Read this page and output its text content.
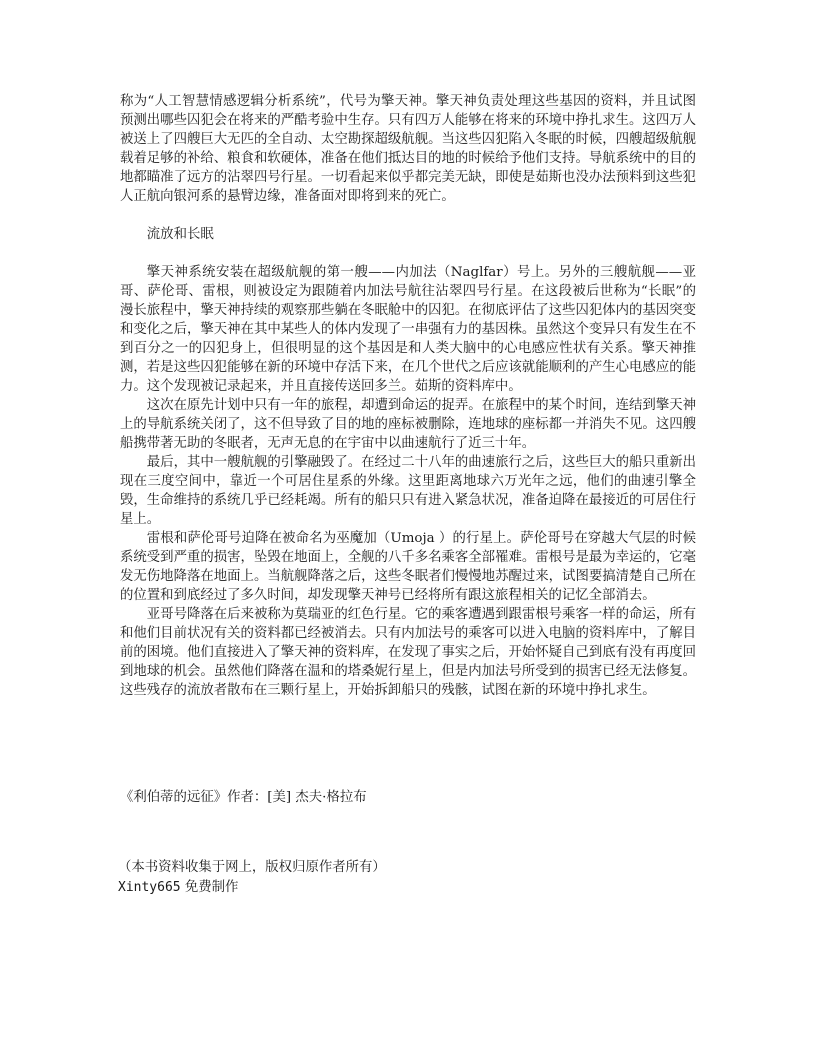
称为“人工智慧情感逻辑分析系统”，代号为擎天神。擎天神负责处理这些基因的资料，并且试图预测出哪些囚犯会在将来的严酷考验中生存。只有四万人能够在将来的环境中挣扎求生。这四万人被送上了四艘巨大无匹的全自动、太空勘探超级航舰。当这些囚犯陷入冬眠的时候，四艘超级航舰载着足够的补给、粮食和软硬体，准备在他们抵达目的地的时候给予他们支持。导航系统中的目的地都瞄准了远方的沾翠四号行星。一切看起来似乎都完美无缺，即使是茹斯也没办法预料到这些犯人正航向银河系的悬臂边缘，准备面对即将到来的死亡。

流放和长眠

擎天神系统安装在超级航舰的第一艘——内加法（Naglfar）号上。另外的三艘航舰——亚哥、萨伦哥、雷根，则被设定为跟随着内加法号航往沾翠四号行星。在这段被后世称为“长眠”的漫长旅程中，擎天神持续的观察那些躺在冬眠舱中的囚犯。在彻底评估了这些囚犯体内的基因突变和变化之后，擎天神在其中某些人的体内发现了一串强有力的基因株。虽然这个变异只有发生在不到百分之一的囚犯身上，但很明显的这个基因是和人类大脑中的心电感应性状有关系。擎天神推测，若是这些囚犯能够在新的环境中存活下来，在几个世代之后应该就能顺利的产生心电感应的能力。这个发现被记录起来，并且直接传送回多兰。茹斯的资料库中。

这次在原先计划中只有一年的旅程，却遭到命运的捉弄。在旅程中的某个时间，连结到擎天神上的导航系统关闭了，这不但导致了目的地的座标被删除，连地球的座标都一并消失不见。这四艘船携带著无助的冬眠者，无声无息的在宇宙中以曲速航行了近三十年。

最后，其中一艘航舰的引擎融毁了。在经过二十八年的曲速旅行之后，这些巨大的船只重新出现在三度空间中，靠近一个可居住星系的外缘。这里距离地球六万光年之远，他们的曲速引擎全毁，生命维持的系统几乎已经耗竭。所有的船只只有进入紧急状况，准备迫降在最接近的可居住行星上。

雷根和萨伦哥号迫降在被命名为巫魔加（Umoja ）的行星上。萨伦哥号在穿越大气层的时候系统受到严重的损害，坠毁在地面上，全舰的八千多名乘客全部罹难。雷根号是最为幸运的，它毫发无伤地降落在地面上。当航舰降落之后，这些冬眠者们慢慢地苏醒过来，试图要搞清楚自己所在的位置和到底经过了多久时间，却发现擎天神号已经将所有跟这旅程相关的记忆全部消去。

亚哥号降落在后来被称为莫瑞亚的红色行星。它的乘客遭遇到跟雷根号乘客一样的命运，所有和他们目前状况有关的资料都已经被消去。只有内加法号的乘客可以进入电脑的资料库中，了解目前的困境。他们直接进入了擎天神的资料库，在发现了事实之后，开始怀疑自己到底有没有再度回到地球的机会。虽然他们降落在温和的塔桑妮行星上，但是内加法号所受到的损害已经无法修复。这些残存的流放者散布在三颗行星上，开始拆卸船只的残骸，试图在新的环境中挣扎求生。

《利伯蒂的远征》作者：[美] 杰夫·格拉布
（本书资料收集于网上，版权归原作者所有）
Xinty665 免费制作
